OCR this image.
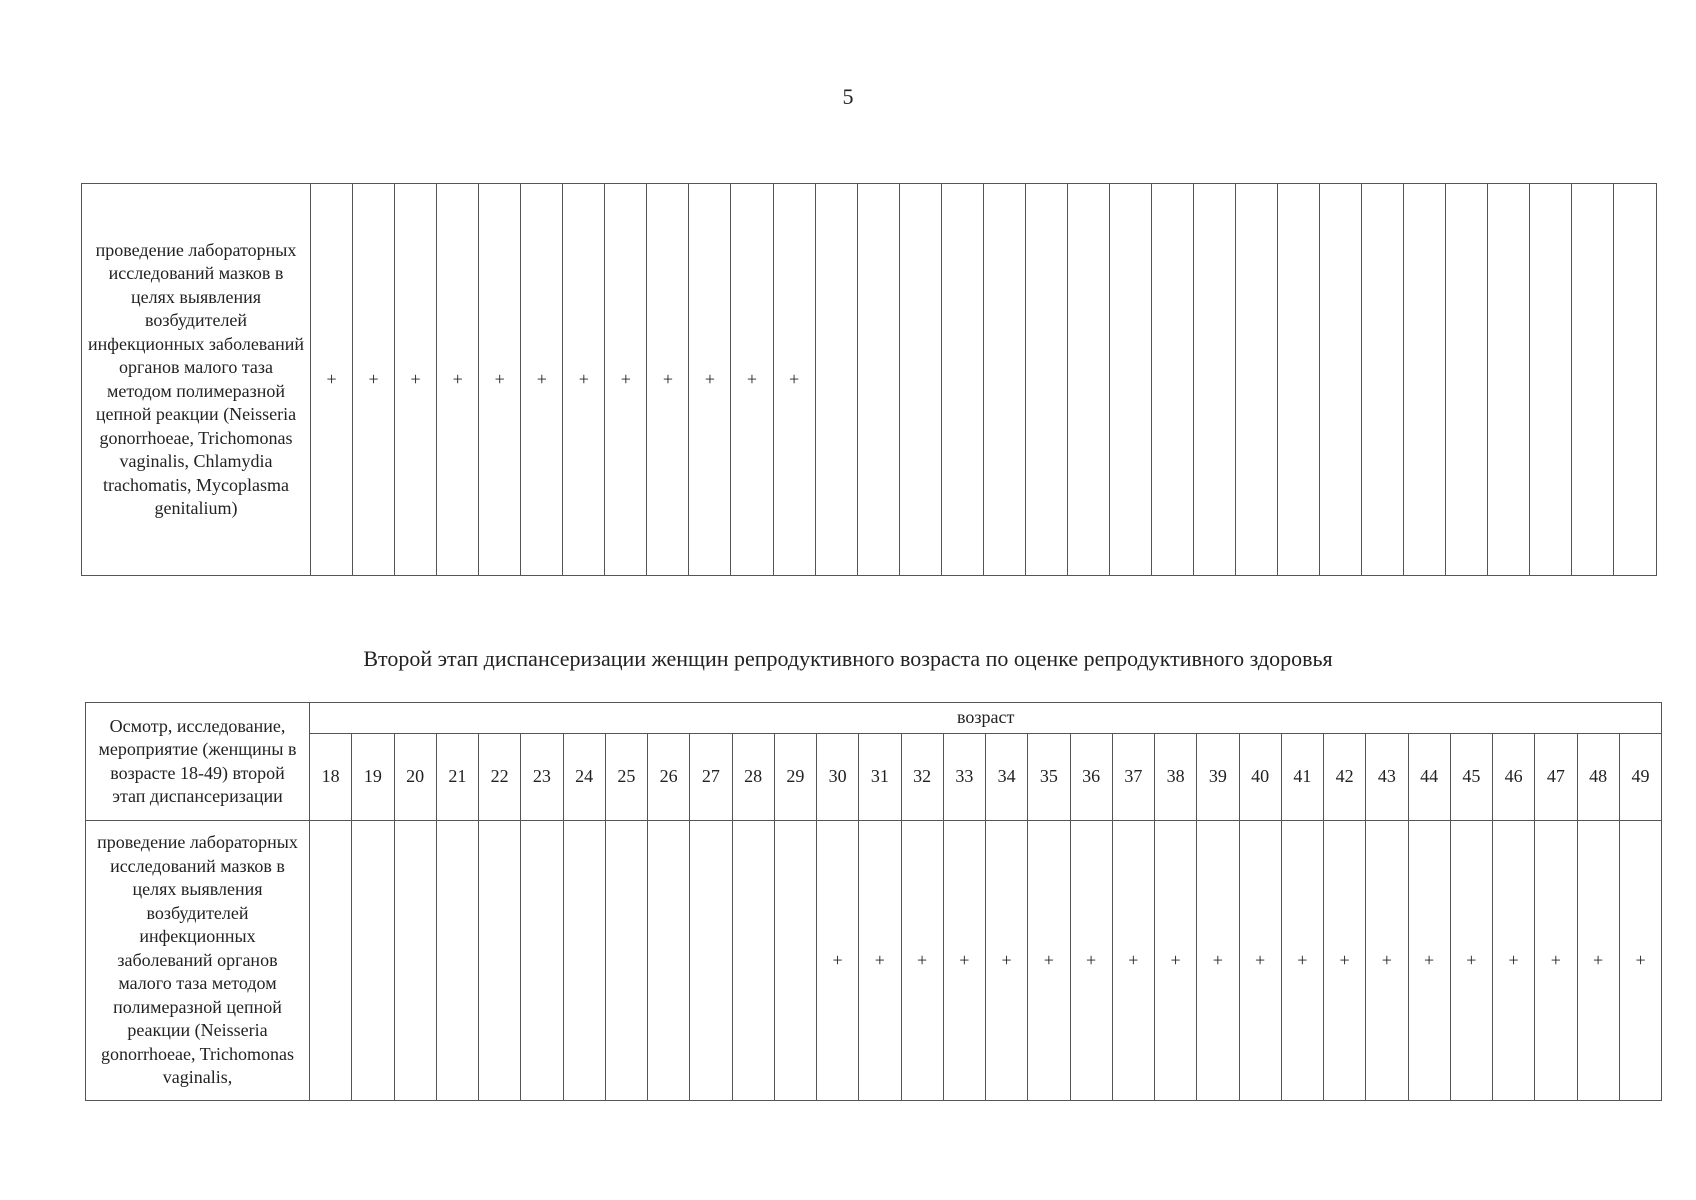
5
проведение лабораторных исследований мазков в целях выявления возбудителей инфекционных заболеваний органов малого таза методом полимеразной цепной реакции (Neisseria gonorrhoeae, Trichomonas vaginalis, Chlamydia trachomatis, Mycoplasma genitalium)	+	+	+	+	+	+	+	+	+	+	+	+																				
Второй этап диспансеризации женщин репродуктивного возраста по оценке репродуктивного здоровья
Осмотр, исследование, мероприятие (женщины в возрасте 18-49) второй этап диспансеризации	возраст																															
	18	19	20	21	22	23	24	25	26	27	28	29	30	31	32	33	34	35	36	37	38	39	40	41	42	43	44	45	46	47	48	49
проведение лабораторных исследований мазков в целях выявления возбудителей инфекционных заболеваний органов малого таза методом полимеразной цепной реакции (Neisseria gonorrhoeae, Trichomonas vaginalis,													+	+	+	+	+	+	+	+	+	+	+	+	+	+	+	+	+	+	+	+
